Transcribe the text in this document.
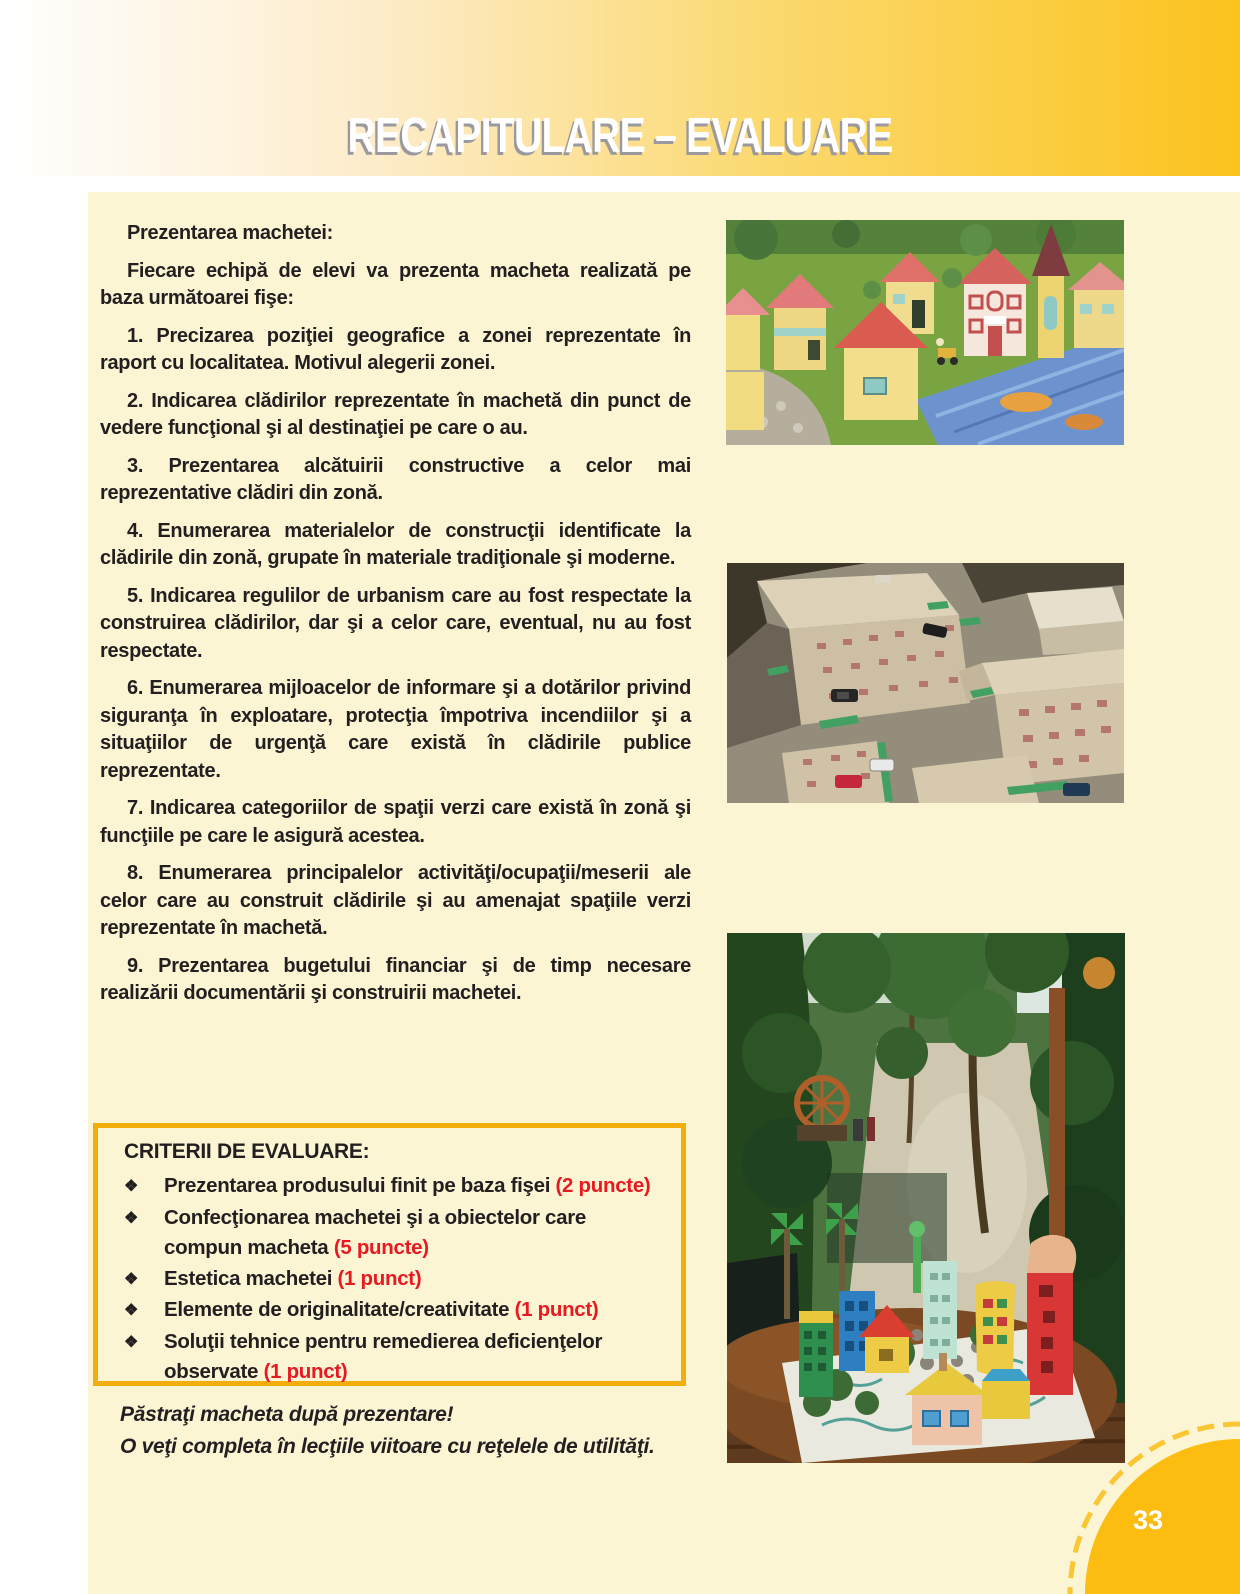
RECAPITULARE – EVALUARE

Prezentarea machetei:

Fiecare echipă de elevi va prezenta macheta realizată pe baza următoarei fişe:

1. Precizarea poziţiei geografice a zonei reprezentate în raport cu localitatea. Motivul alegerii zonei.

2. Indicarea clădirilor reprezentate în machetă din punct de vedere funcţional şi al destinaţiei pe care o au.

3. Prezentarea alcătuirii constructive a celor mai reprezentative clădiri din zonă.

4. Enumerarea materialelor de construcţii identificate la clădirile din zonă, grupate în materiale tradiţionale şi moderne.

5. Indicarea regulilor de urbanism care au fost respectate la construirea clădirilor, dar şi a celor care, eventual, nu au fost respectate.

6. Enumerarea mijloacelor de informare şi a dotărilor privind siguranţa în exploatare, protecţia împotriva incendiilor şi a situaţiilor de urgenţă care există în clădirile publice reprezentate.

7. Indicarea categoriilor de spaţii verzi care există în zonă şi funcţiile pe care le asigură acestea.

8. Enumerarea principalelor activităţi/ocupaţii/meserii ale celor care au construit clădirile şi au amenajat spaţiile verzi reprezentate în machetă.

9. Prezentarea bugetului financiar şi de timp necesare realizării documentării şi construirii machetei.

CRITERII DE EVALUARE:

❖	Prezentarea produsului finit pe baza fişei (2 puncte)
❖	Confecţionarea machetei şi a obiectelor care compun macheta (5 puncte)
❖	Estetica machetei (1 punct)
❖	Elemente de originalitate/creativitate (1 punct)
❖	Soluţii tehnice pentru remedierea deficienţelor observate (1 punct)
Păstraţi macheta după prezentare!
O veţi completa în lecţiile viitoare cu reţelele de utilităţi.
33
